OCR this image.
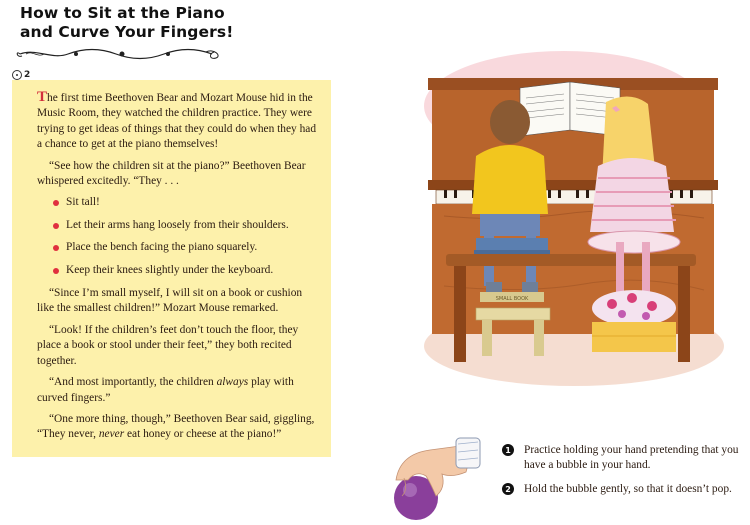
How to Sit at the Piano
and Curve Your Fingers!
2

The first time Beethoven Bear and Mozart Mouse hid in the Music Room, they watched the children practice. They were trying to get ideas of things that they could do when they had a chance to get at the piano themselves!

“See how the children sit at the piano?” Beethoven Bear whispered excitedly. “They . . .

Sit tall!
Let their arms hang loosely from their shoulders.
Place the bench facing the piano squarely.
Keep their knees slightly under the keyboard.

“Since I’m small myself, I will sit on a book or cushion like the smallest children!” Mozart Mouse remarked.

“Look! If the children’s feet don’t touch the floor, they place a book or stool under their feet,” they both recited together.

“And most importantly, the children always play with curved fingers.”

“One more thing, though,” Beethoven Bear said, giggling, “They never, never eat honey or cheese at the piano!”

SMALL BOOK
1 Practice holding your hand pretending that you have a bubble in your hand.
2 Hold the bubble gently, so that it doesn’t pop.
